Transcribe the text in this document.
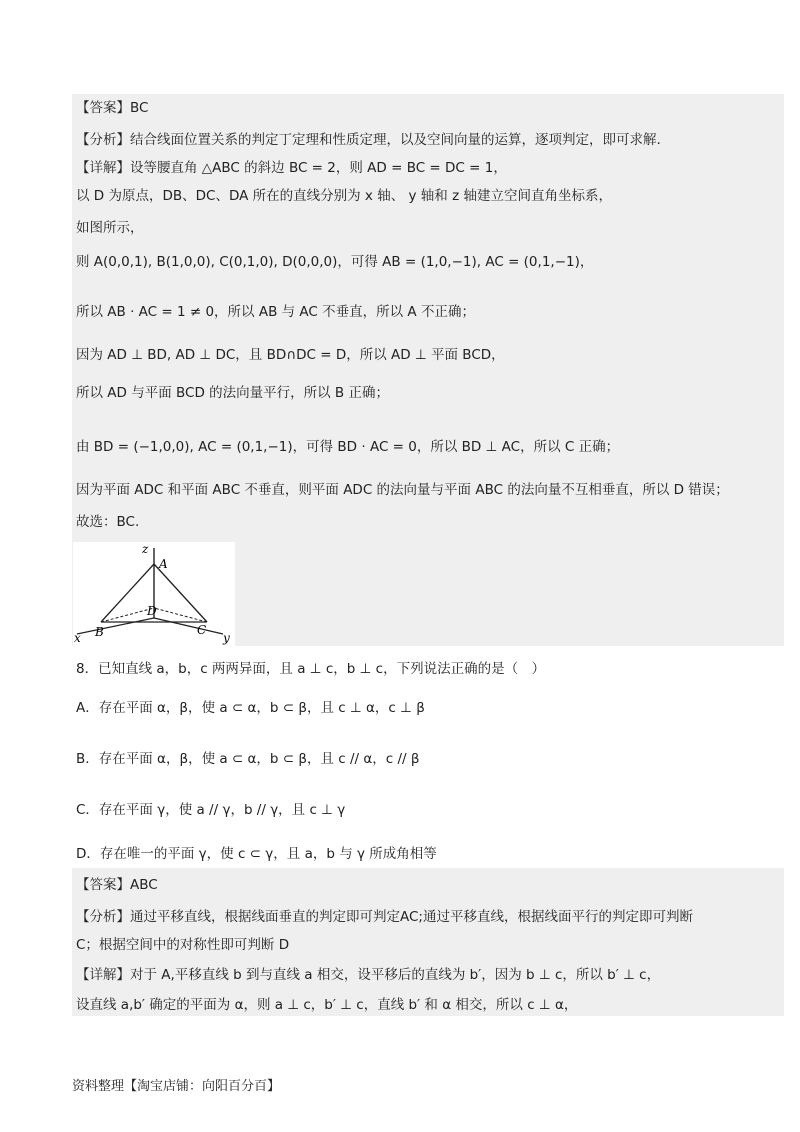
【答案】BC
【分析】结合线面位置关系的判定丁定理和性质定理，以及空间向量的运算，逐项判定，即可求解.
【详解】设等腰直角 △ABC 的斜边 BC = 2，则 AD = BC = DC = 1，
以 D 为原点，DB、DC、DA 所在的直线分别为 x 轴、 y 轴和 z 轴建立空间直角坐标系，
如图所示，
则 A(0,0,1), B(1,0,0), C(0,1,0), D(0,0,0)，可得 AB = (1,0,−1), AC = (0,1,−1)，
所以 AB · AC = 1 ≠ 0，所以 AB 与 AC 不垂直，所以 A 不正确；
因为 AD ⊥ BD, AD ⊥ DC，且 BD∩DC = D，所以 AD ⊥ 平面 BCD，
所以 AD 与平面 BCD 的法向量平行，所以 B 正确；
由 BD = (−1,0,0), AC = (0,1,−1)，可得 BD · AC = 0，所以 BD ⊥ AC，所以 C 正确；
因为平面 ADC 和平面 ABC 不垂直，则平面 ADC 的法向量与平面 ABC 的法向量不互相垂直，所以 D 错误；
故选：BC.
z
A
D
B	C
x	y
8．已知直线 a，b，c 两两异面，且 a ⊥ c，b ⊥ c，下列说法正确的是（　）
A．存在平面 α，β，使 a ⊂ α，b ⊂ β，且 c ⊥ α，c ⊥ β
B．存在平面 α，β，使 a ⊂ α，b ⊂ β，且 c // α，c // β
C．存在平面 γ，使 a // γ，b // γ，且 c ⊥ γ
D．存在唯一的平面 γ，使 c ⊂ γ，且 a，b 与 γ 所成角相等
【答案】ABC
【分析】通过平移直线，根据线面垂直的判定即可判定AC;通过平移直线，根据线面平行的判定即可判断
C；根据空间中的对称性即可判断 D
【详解】对于 A,平移直线 b 到与直线 a 相交，设平移后的直线为 b′，因为 b ⊥ c，所以 b′ ⊥ c，
设直线 a,b′ 确定的平面为 α，则 a ⊥ c，b′ ⊥ c，直线 b′ 和 α 相交，所以 c ⊥ α，
资料整理【淘宝店铺：向阳百分百】
